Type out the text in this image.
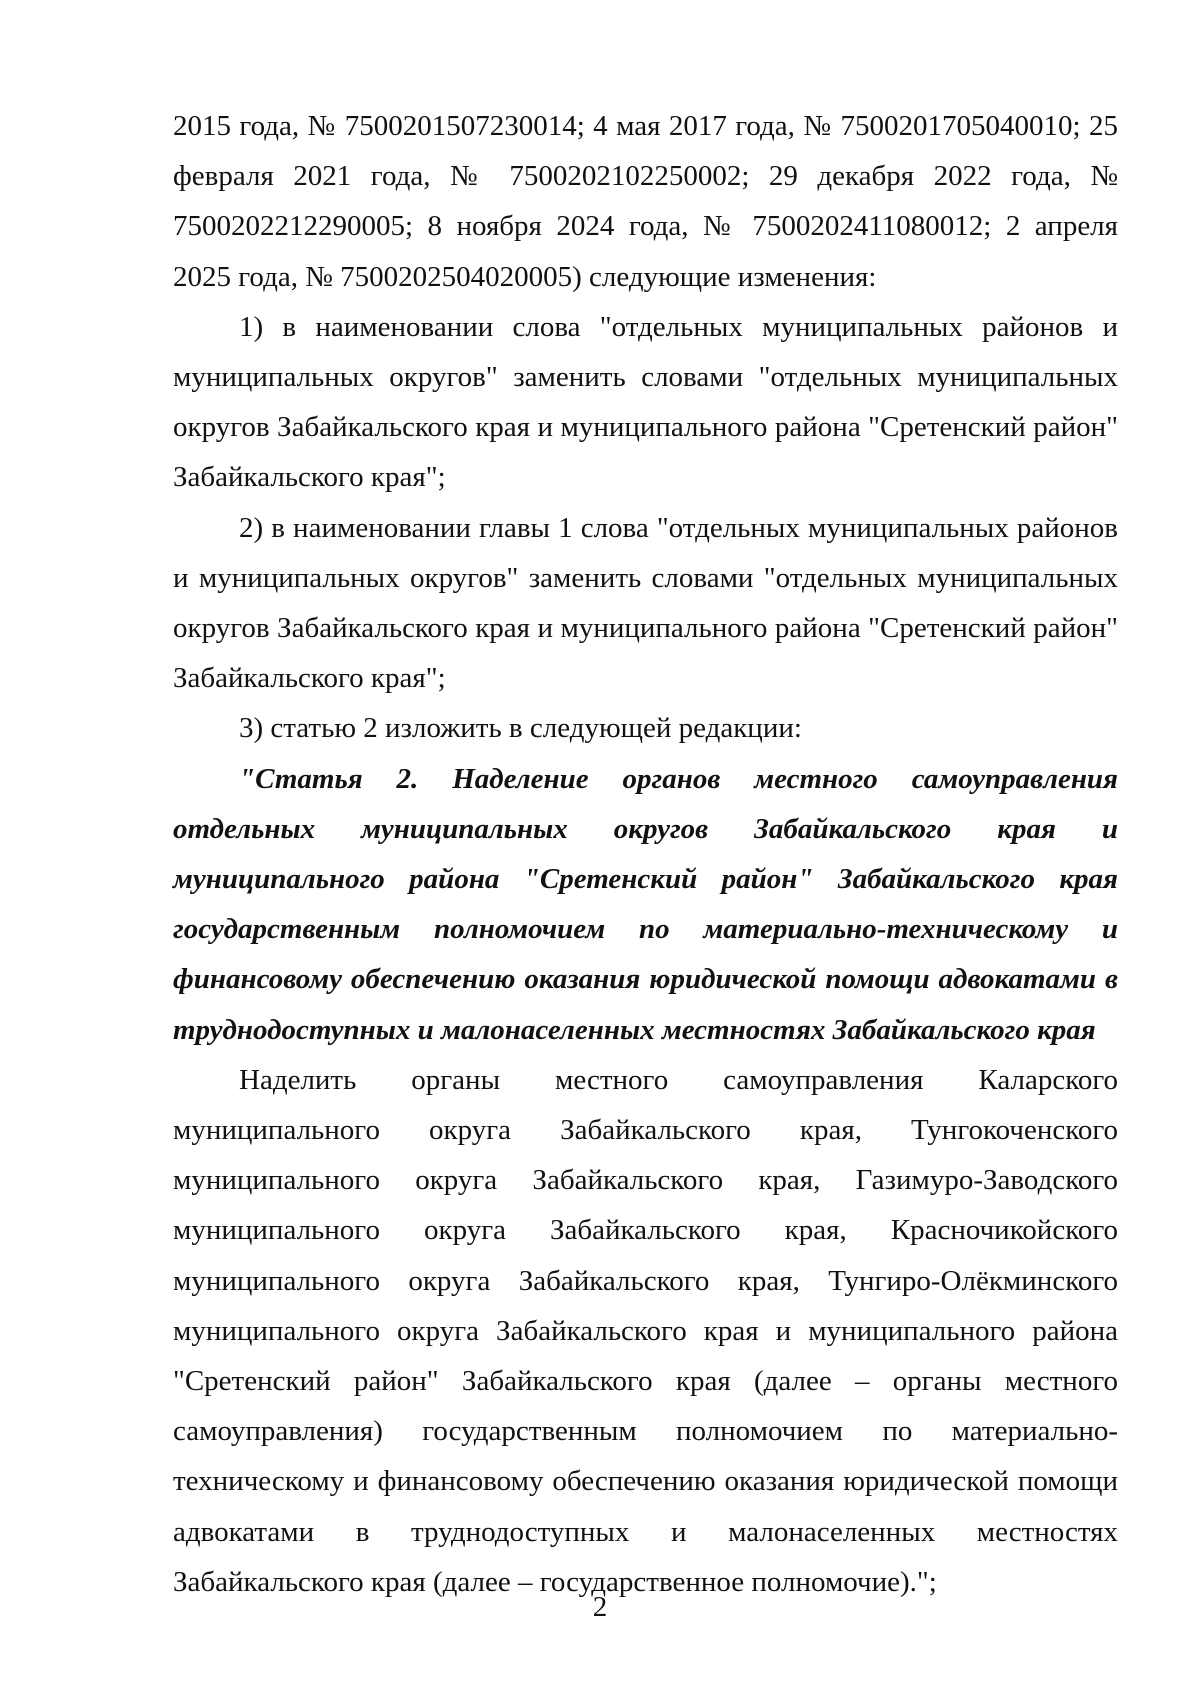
2015 года, № 7500201507230014; 4 мая 2017 года, № 7500201705040010; 25 февраля 2021 года, № 7500202102250002; 29 декабря 2022 года, № 7500202212290005; 8 ноября 2024 года, № 7500202411080012; 2 апреля 2025 года, № 7500202504020005) следующие изменения:

1) в наименовании слова "отдельных муниципальных районов и муниципальных округов" заменить словами "отдельных муниципальных округов Забайкальского края и муниципального района "Сретенский район" Забайкальского края";

2) в наименовании главы 1 слова "отдельных муниципальных районов и муниципальных округов" заменить словами "отдельных муниципальных округов Забайкальского края и муниципального района "Сретенский район" Забайкальского края";

3) статью 2 изложить в следующей редакции:

"Статья 2. Наделение органов местного самоуправления отдельных муниципальных округов Забайкальского края и муниципального района "Сретенский район" Забайкальского края государственным полномочием по материально-техническому и финансовому обеспечению оказания юридической помощи адвокатами в труднодоступных и малонаселенных местностях Забайкальского края

Наделить органы местного самоуправления Каларского муниципального округа Забайкальского края, Тунгокоченского муниципального округа Забайкальского края, Газимуро-Заводского муниципального округа Забайкальского края, Красночикойского муниципального округа Забайкальского края, Тунгиро-Олёкминского муниципального округа Забайкальского края и муниципального района "Сретенский район" Забайкальского края (далее – органы местного самоуправления) государственным полномочием по материально-техническому и финансовому обеспечению оказания юридической помощи адвокатами в труднодоступных и малонаселенных местностях Забайкальского края (далее – государственное полномочие).";

2
